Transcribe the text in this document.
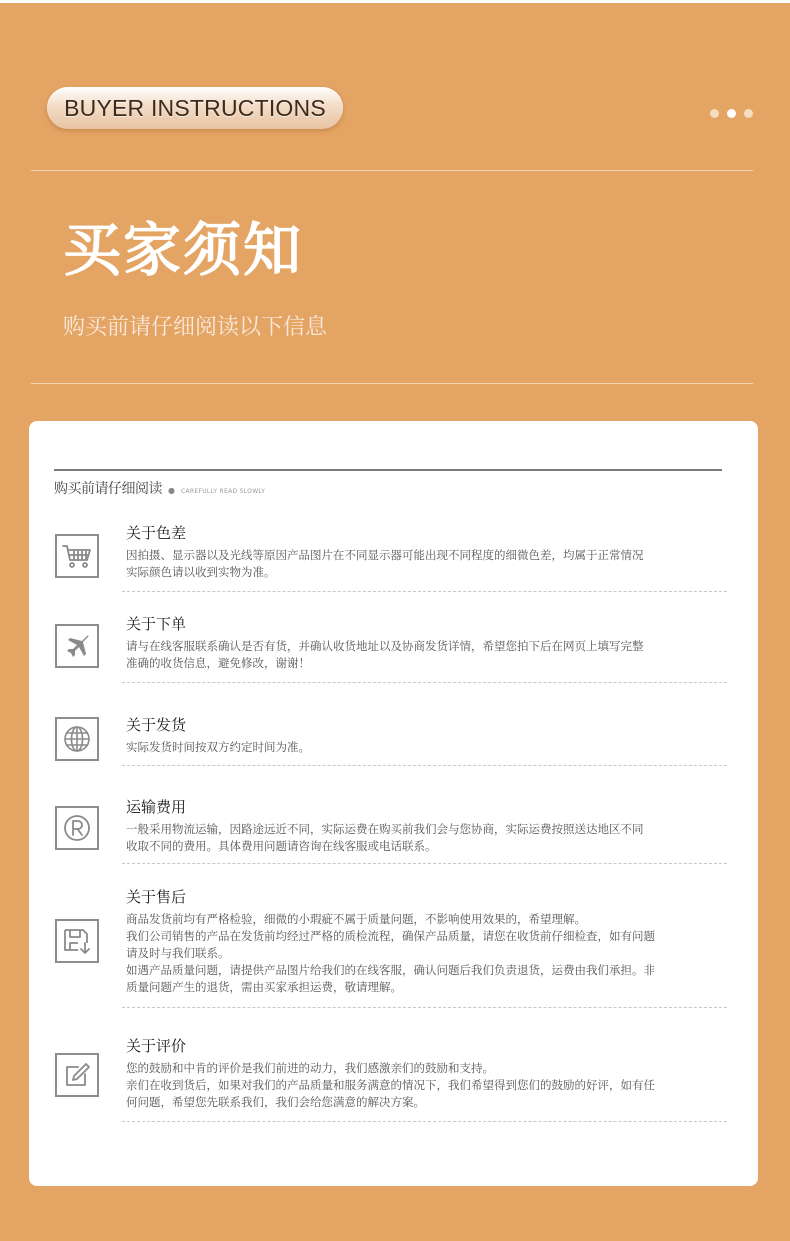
BUYER INSTRUCTIONS
买家须知
购买前请仔细阅读以下信息
购买前请仔细阅读 ● CAREFULLY READ SLOWLY
关于色差
因拍摄、显示器以及光线等原因产品图片在不同显示器可能出现不同程度的细微色差，均属于正常情况
实际颜色请以收到实物为准。
关于下单
请与在线客服联系确认是否有货，并确认收货地址以及协商发货详情，希望您拍下后在网页上填写完整
准确的收货信息，避免修改，谢谢！
关于发货
实际发货时间按双方约定时间为准。
运输费用
一般采用物流运输，因路途远近不同，实际运费在购买前我们会与您协商，实际运费按照送达地区不同
收取不同的费用。具体费用问题请咨询在线客服或电话联系。
关于售后
商品发货前均有严格检验，细微的小瑕疵不属于质量问题，不影响使用效果的，希望理解。
我们公司销售的产品在发货前均经过严格的质检流程，确保产品质量，请您在收货前仔细检查，如有问题
请及时与我们联系。
如遇产品质量问题，请提供产品图片给我们的在线客服，确认问题后我们负责退货，运费由我们承担。非
质量问题产生的退货，需由买家承担运费，敬请理解。
关于评价
您的鼓励和中肯的评价是我们前进的动力，我们感激亲们的鼓励和支持。
亲们在收到货后，如果对我们的产品质量和服务满意的情况下，我们希望得到您们的鼓励的好评，如有任
何问题，希望您先联系我们，我们会给您满意的解决方案。
